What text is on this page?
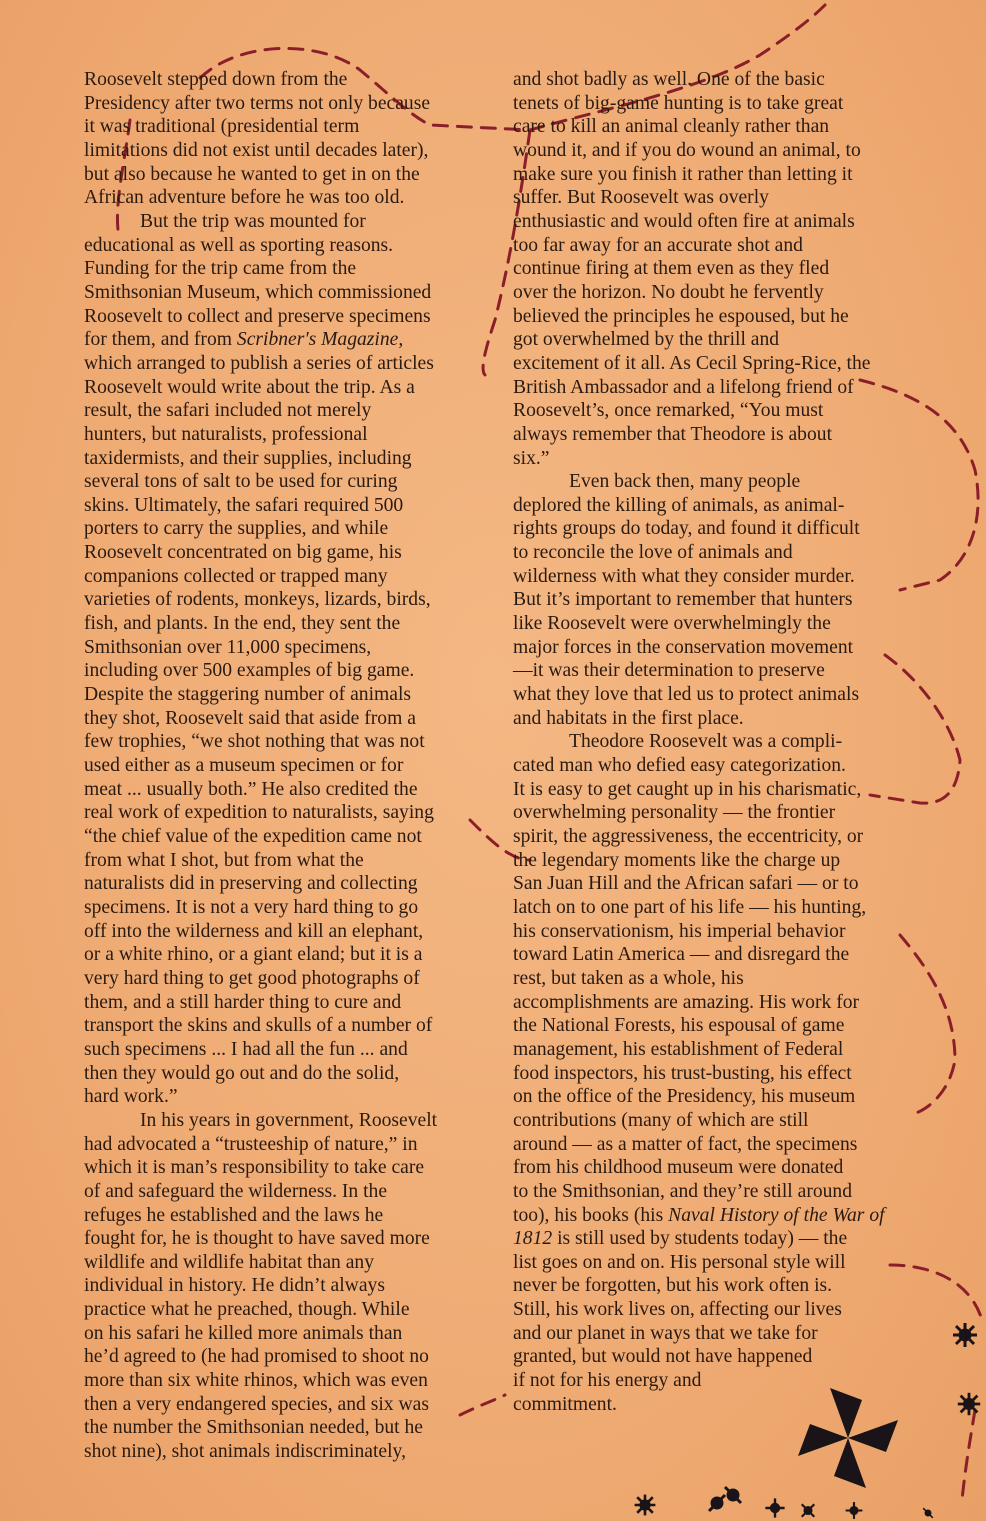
Roosevelt stepped down from the
Presidency after two terms not only because
it was traditional (presidential term
limitations did not exist until decades later),
but also because he wanted to get in on the
African adventure before he was too old.
But the trip was mounted for
educational as well as sporting reasons.
Funding for the trip came from the
Smithsonian Museum, which commissioned
Roosevelt to collect and preserve specimens
for them, and from Scribner's Magazine,
which arranged to publish a series of articles
Roosevelt would write about the trip. As a
result, the safari included not merely
hunters, but naturalists, professional
taxidermists, and their supplies, including
several tons of salt to be used for curing
skins. Ultimately, the safari required 500
porters to carry the supplies, and while
Roosevelt concentrated on big game, his
companions collected or trapped many
varieties of rodents, monkeys, lizards, birds,
fish, and plants. In the end, they sent the
Smithsonian over 11,000 specimens,
including over 500 examples of big game.
Despite the staggering number of animals
they shot, Roosevelt said that aside from a
few trophies, “we shot nothing that was not
used either as a museum specimen or for
meat ... usually both.” He also credited the
real work of expedition to naturalists, saying
“the chief value of the expedition came not
from what I shot, but from what the
naturalists did in preserving and collecting
specimens. It is not a very hard thing to go
off into the wilderness and kill an elephant,
or a white rhino, or a giant eland; but it is a
very hard thing to get good photographs of
them, and a still harder thing to cure and
transport the skins and skulls of a number of
such specimens ... I had all the fun ... and
then they would go out and do the solid,
hard work.”
In his years in government, Roosevelt
had advocated a “trusteeship of nature,” in
which it is man’s responsibility to take care
of and safeguard the wilderness. In the
refuges he established and the laws he
fought for, he is thought to have saved more
wildlife and wildlife habitat than any
individual in history. He didn’t always
practice what he preached, though. While
on his safari he killed more animals than
he’d agreed to (he had promised to shoot no
more than six white rhinos, which was even
then a very endangered species, and six was
the number the Smithsonian needed, but he
shot nine), shot animals indiscriminately,
and shot badly as well. One of the basic
tenets of big-game hunting is to take great
care to kill an animal cleanly rather than
wound it, and if you do wound an animal, to
make sure you finish it rather than letting it
suffer. But Roosevelt was overly
enthusiastic and would often fire at animals
too far away for an accurate shot and
continue firing at them even as they fled
over the horizon. No doubt he fervently
believed the principles he espoused, but he
got overwhelmed by the thrill and
excitement of it all. As Cecil Spring-Rice, the
British Ambassador and a lifelong friend of
Roosevelt’s, once remarked, “You must
always remember that Theodore is about
six.”
Even back then, many people
deplored the killing of animals, as animal-
rights groups do today, and found it difficult
to reconcile the love of animals and
wilderness with what they consider murder.
But it’s important to remember that hunters
like Roosevelt were overwhelmingly the
major forces in the conservation movement
—it was their determination to preserve
what they love that led us to protect animals
and habitats in the first place.
Theodore Roosevelt was a compli-
cated man who defied easy categorization.
It is easy to get caught up in his charismatic,
overwhelming personality — the frontier
spirit, the aggressiveness, the eccentricity, or
the legendary moments like the charge up
San Juan Hill and the African safari — or to
latch on to one part of his life — his hunting,
his conservationism, his imperial behavior
toward Latin America — and disregard the
rest, but taken as a whole, his
accomplishments are amazing. His work for
the National Forests, his espousal of game
management, his establishment of Federal
food inspectors, his trust-busting, his effect
on the office of the Presidency, his museum
contributions (many of which are still
around — as a matter of fact, the specimens
from his childhood museum were donated
to the Smithsonian, and they’re still around
too), his books (his Naval History of the War of
1812 is still used by students today) — the
list goes on and on. His personal style will
never be forgotten, but his work often is.
Still, his work lives on, affecting our lives
and our planet in ways that we take for
granted, but would not have happened
if not for his energy and
commitment.
